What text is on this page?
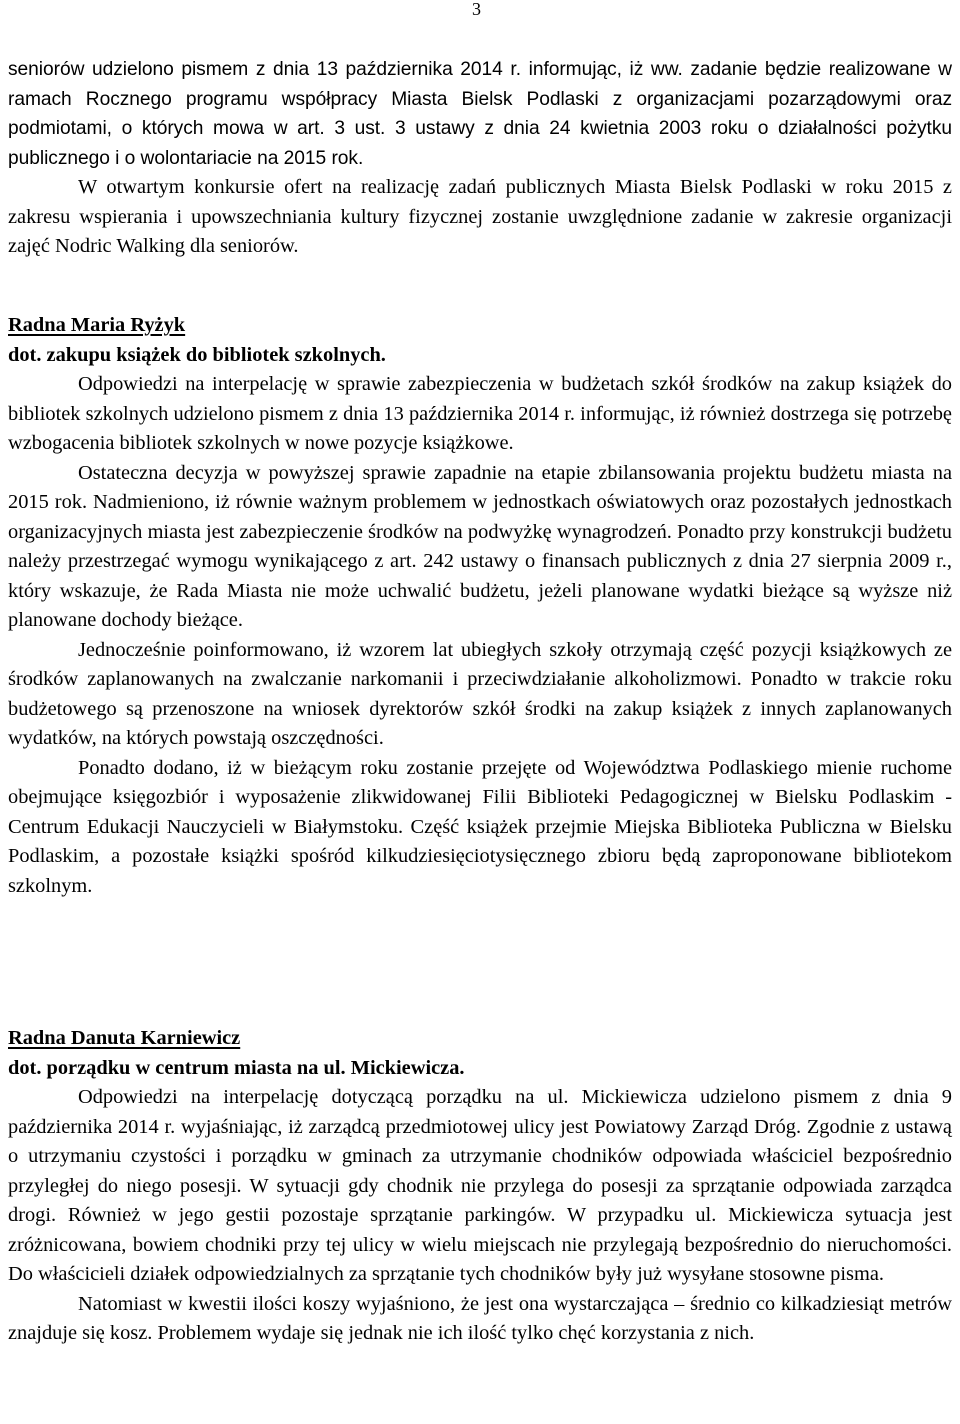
3

seniorów udzielono pismem z dnia 13 października 2014 r. informując, iż ww. zadanie będzie realizowane w ramach Rocznego programu współpracy Miasta Bielsk Podlaski z organizacjami pozarządowymi oraz podmiotami, o których mowa w art. 3 ust. 3 ustawy z dnia 24 kwietnia 2003 roku o działalności pożytku publicznego i o wolontariacie na 2015 rok.

W otwartym konkursie ofert na realizację zadań publicznych Miasta Bielsk Podlaski w roku 2015 z zakresu wspierania i upowszechniania kultury fizycznej zostanie uwzględnione zadanie w zakresie organizacji zajęć Nodric Walking dla seniorów.

Radna Maria Ryżyk

dot. zakupu książek do bibliotek szkolnych.

Odpowiedzi na interpelację w sprawie zabezpieczenia w budżetach szkół środków na zakup książek do bibliotek szkolnych udzielono pismem z dnia 13 października 2014 r. informując, iż również dostrzega się potrzebę wzbogacenia bibliotek szkolnych w nowe pozycje książkowe.

Ostateczna decyzja w powyższej sprawie zapadnie na etapie zbilansowania projektu budżetu miasta na 2015 rok. Nadmieniono, iż równie ważnym problemem w jednostkach oświatowych oraz pozostałych jednostkach organizacyjnych miasta jest zabezpieczenie środków na podwyżkę wynagrodzeń. Ponadto przy konstrukcji budżetu należy przestrzegać wymogu wynikającego z art. 242 ustawy o finansach publicznych z dnia 27 sierpnia 2009 r., który wskazuje, że Rada Miasta nie może uchwalić budżetu, jeżeli planowane wydatki bieżące są wyższe niż planowane dochody bieżące.

Jednocześnie poinformowano, iż wzorem lat ubiegłych szkoły otrzymają część pozycji książkowych ze środków zaplanowanych na zwalczanie narkomanii i przeciwdziałanie alkoholizmowi. Ponadto w trakcie roku budżetowego są przenoszone na wniosek dyrektorów szkół środki na zakup książek z innych zaplanowanych wydatków, na których powstają oszczędności.

Ponadto dodano, iż w bieżącym roku zostanie przejęte od Województwa Podlaskiego mienie ruchome obejmujące księgozbiór i wyposażenie zlikwidowanej Filii Biblioteki Pedagogicznej w Bielsku Podlaskim - Centrum Edukacji Nauczycieli w Białymstoku. Część książek przejmie Miejska Biblioteka Publiczna w Bielsku Podlaskim, a pozostałe książki spośród kilkudziesięciotysięcznego zbioru będą zaproponowane bibliotekom szkolnym.

Radna Danuta Karniewicz

dot. porządku w centrum miasta na ul. Mickiewicza.

Odpowiedzi na interpelację dotyczącą porządku na ul. Mickiewicza udzielono pismem z dnia 9 października 2014 r. wyjaśniając, iż zarządcą przedmiotowej ulicy jest Powiatowy Zarząd Dróg. Zgodnie z ustawą o utrzymaniu czystości i porządku w gminach za utrzymanie chodników odpowiada właściciel bezpośrednio przyległej do niego posesji. W sytuacji gdy chodnik nie przylega do posesji za sprzątanie odpowiada zarządca drogi. Również w jego gestii pozostaje sprzątanie parkingów. W przypadku ul. Mickiewicza sytuacja jest zróżnicowana, bowiem chodniki przy tej ulicy w wielu miejscach nie przylegają bezpośrednio do nieruchomości. Do właścicieli działek odpowiedzialnych za sprzątanie tych chodników były już wysyłane stosowne pisma.

Natomiast w kwestii ilości koszy wyjaśniono, że jest ona wystarczająca – średnio co kilkadziesiąt metrów znajduje się kosz. Problemem wydaje się jednak nie ich ilość tylko chęć korzystania z nich.
